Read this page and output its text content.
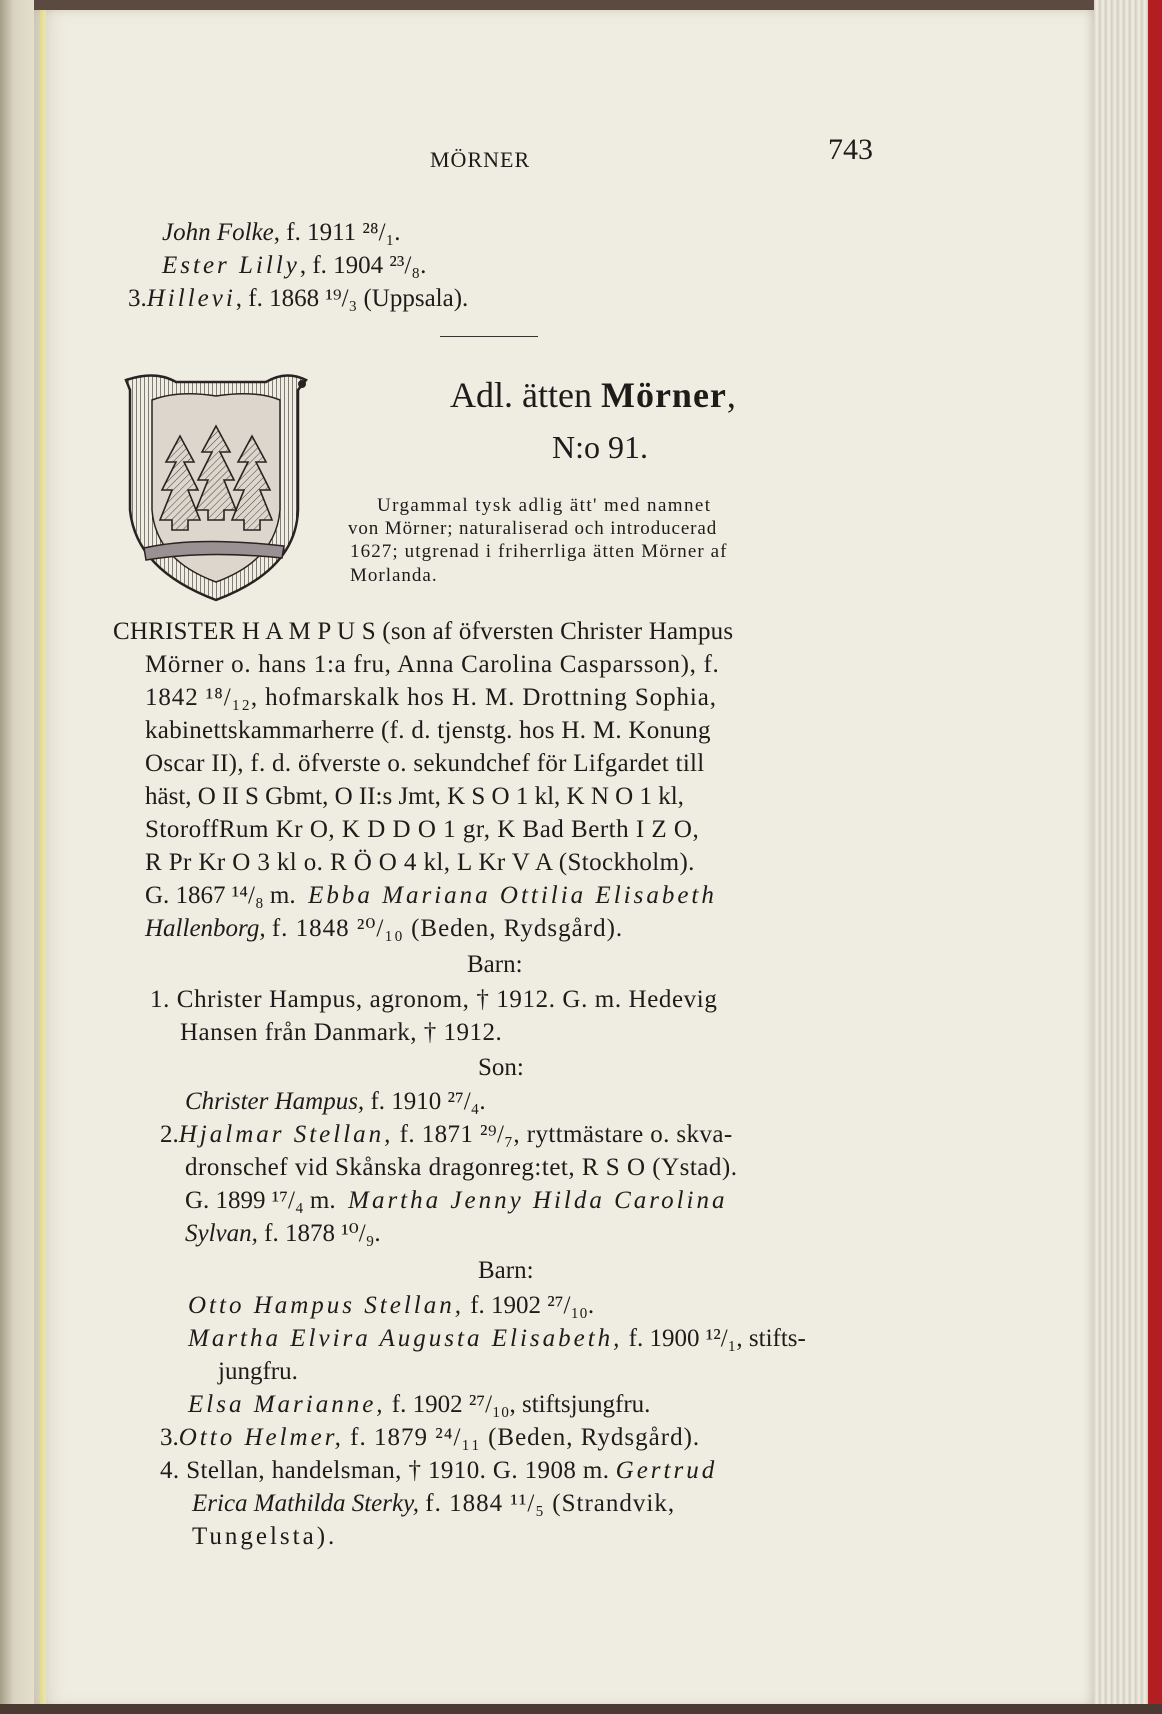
MÖRNER	743
John Folke, f. 1911 ²⁸/₁.
Ester Lilly, f. 1904 ²³/₈.
3.Hillevi, f. 1868 ¹⁹/₃ (Uppsala).
Adl. ätten Mörner,
N:o 91.
Urgammal tysk adlig ätt' med namnet
von Mörner; naturaliserad och introducerad
1627; utgrenad i friherrliga ätten Mörner af
Morlanda.
CHRISTER H A M P U S (son af öfversten Christer Hampus
Mörner o. hans 1:a fru, Anna Carolina Casparsson), f.
1842 ¹⁸/₁₂, hofmarskalk hos H. M. Drottning Sophia,
kabinettskammarherre (f. d. tjenstg. hos H. M. Konung
Oscar II), f. d. öfverste o. sekundchef för Lifgardet till
häst, O II S Gbmt, O II:s Jmt, K S O 1 kl, K N O 1 kl,
StoroffRum Kr O, K D D O 1 gr, K Bad Berth I Z O,
R Pr Kr O 3 kl o. R Ö O 4 kl, L Kr V A (Stockholm).
G. 1867 ¹⁴/₈ m. Ebba Mariana Ottilia Elisabeth
Hallenborg, f. 1848 ²⁰/₁₀ (Beden, Rydsgård).
Barn:
1. Christer Hampus, agronom, † 1912. G. m. Hedevig
Hansen från Danmark, † 1912.
Son:
Christer Hampus, f. 1910 ²⁷/₄.
2.Hjalmar Stellan, f. 1871 ²⁹/₇, ryttmästare o. skva-
dronschef vid Skånska dragonreg:tet, R S O (Ystad).
G. 1899 ¹⁷/₄ m. Martha Jenny Hilda Carolina
Sylvan, f. 1878 ¹⁰/₉.
Barn:
Otto Hampus Stellan, f. 1902 ²⁷/₁₀.
Martha Elvira Augusta Elisabeth, f. 1900 ¹²/₁, stifts-
jungfru.
Elsa Marianne, f. 1902 ²⁷/₁₀, stiftsjungfru.
3.Otto Helmer, f. 1879 ²⁴/₁₁ (Beden, Rydsgård).
4. Stellan, handelsman, † 1910. G. 1908 m. Gertrud
Erica Mathilda Sterky, f. 1884 ¹¹/₅ (Strandvik,
Tungelsta).
